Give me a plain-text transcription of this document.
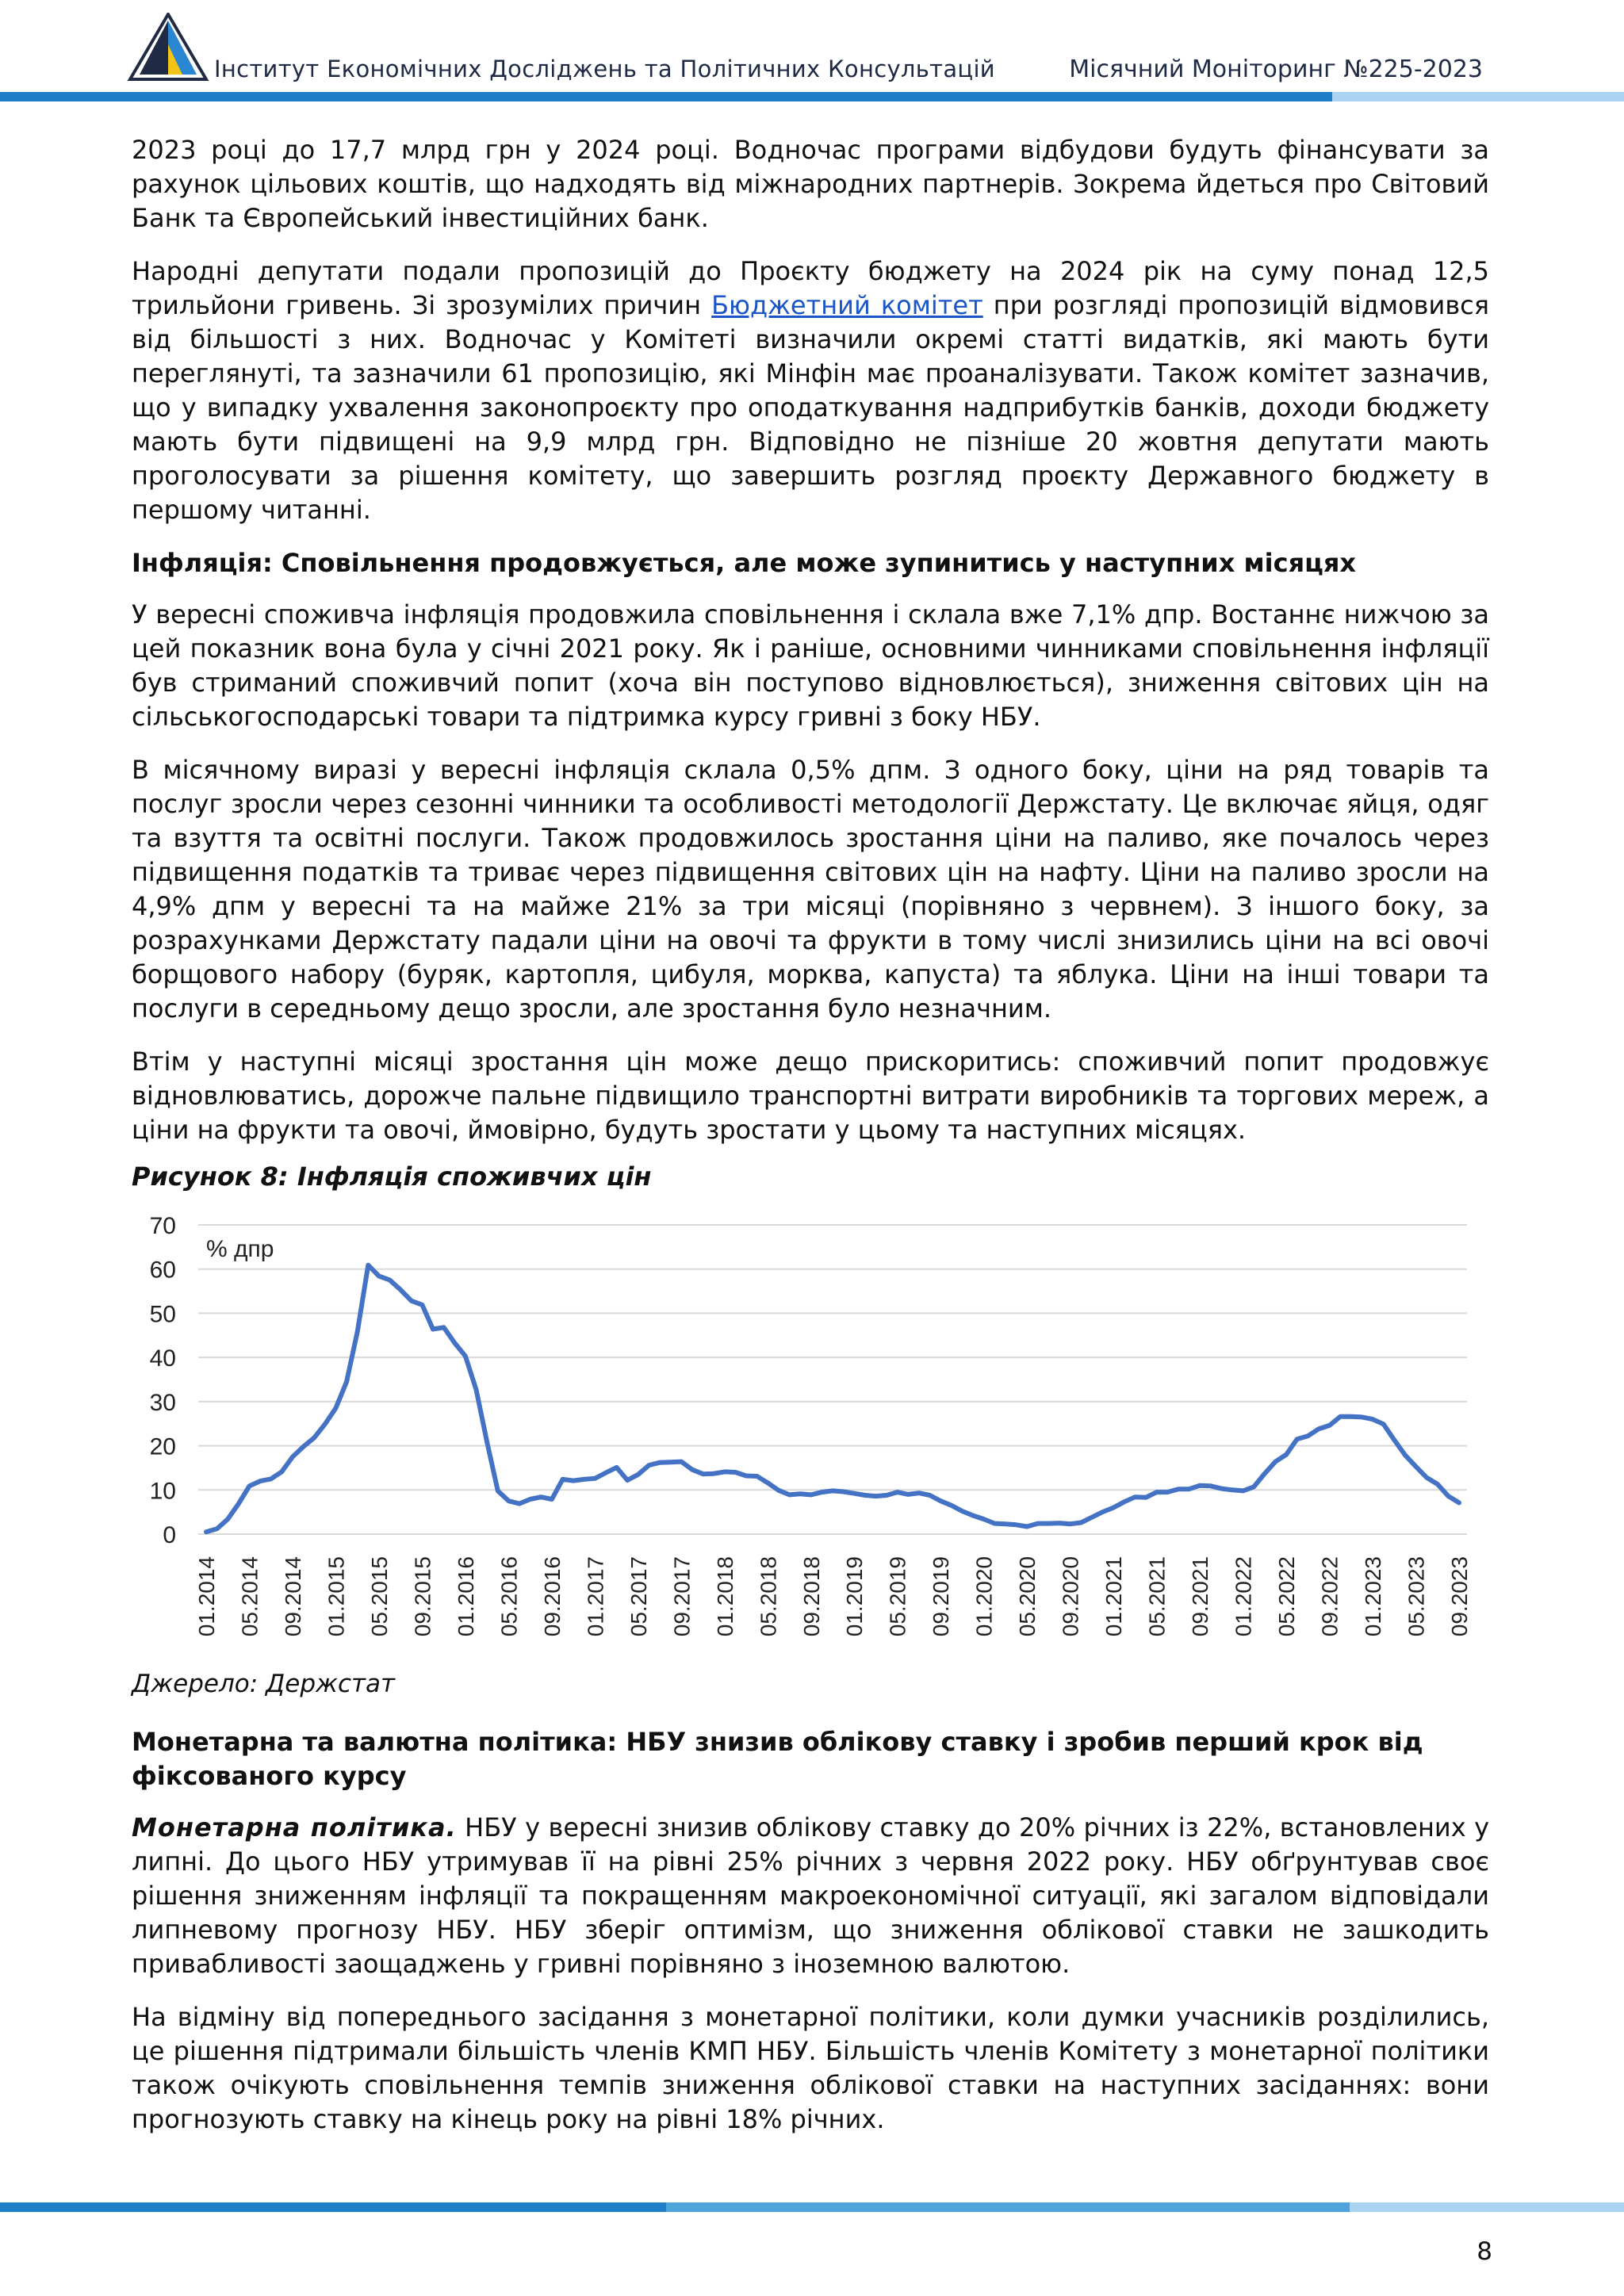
Інститут Економічних Досліджень та Політичних Консультацій	Місячний Моніторинг №225-2023

2023 році до 17,7 млрд грн у 2024 році. Водночас програми відбудови будуть фінансувати за рахунок цільових коштів, що надходять від міжнародних партнерів. Зокрема йдеться про Світовий Банк та Європейський інвестиційних банк.

Народні депутати подали пропозицій до Проєкту бюджету на 2024 рік на суму понад 12,5 трильйони гривень. Зі зрозумілих причин Бюджетний комітет при розгляді пропозицій відмовився від більшості з них. Водночас у Комітеті визначили окремі статті видатків, які мають бути переглянуті, та зазначили 61 пропозицію, які Мінфін має проаналізувати. Також комітет зазначив, що у випадку ухвалення законопроєкту про оподаткування надприбутків банків, доходи бюджету мають бути підвищені на 9,9 млрд грн. Відповідно не пізніше 20 жовтня депутати мають проголосувати за рішення комітету, що завершить розгляд проєкту Державного бюджету в першому читанні.

Інфляція: Сповільнення продовжується, але може зупинитись у наступних місяцях

У вересні споживча інфляція продовжила сповільнення і склала вже 7,1% дпр. Востаннє нижчою за цей показник вона була у січні 2021 року. Як і раніше, основними чинниками сповільнення інфляції був стриманий споживчий попит (хоча він поступово відновлюється), зниження світових цін на сільськогосподарські товари та підтримка курсу гривні з боку НБУ.

В місячному виразі у вересні інфляція склала 0,5% дпм. З одного боку, ціни на ряд товарів та послуг зросли через сезонні чинники та особливості методології Держстату. Це включає яйця, одяг та взуття та освітні послуги. Також продовжилось зростання ціни на паливо, яке почалось через підвищення податків та триває через підвищення світових цін на нафту. Ціни на паливо зросли на 4,9% дпм у вересні та на майже 21% за три місяці (порівняно з червнем). З іншого боку, за розрахунками Держстату падали ціни на овочі та фрукти в тому числі знизились ціни на всі овочі борщового набору (буряк, картопля, цибуля, морква, капуста) та яблука. Ціни на інші товари та послуги в середньому дещо зросли, але зростання було незначним.

Втім у наступні місяці зростання цін може дещо прискоритись: споживчий попит продовжує відновлюватись, дорожче пальне підвищило транспортні витрати виробників та торгових мереж, а ціни на фрукти та овочі, ймовірно, будуть зростати у цьому та наступних місяцях.

Рисунок 8: Інфляція споживчих цін
0
10
20
30
40
50
60
70
% дпр
01.2014 05.2014 09.2014 01.2015 05.2015 09.2015 01.2016 05.2016 09.2016 01.2017 05.2017 09.2017 01.2018 05.2018 09.2018 01.2019 05.2019 09.2019 01.2020 05.2020 09.2020 01.2021 05.2021 09.2021 01.2022 05.2022 09.2022 01.2023 05.2023 09.2023
Джерело: Держстат
Монетарна та валютна політика: НБУ знизив облікову ставку і зробив перший крок від фіксованого курсу

Монетарна політика. НБУ у вересні знизив облікову ставку до 20% річних із 22%, встановлених у липні. До цього НБУ утримував її на рівні 25% річних з червня 2022 року. НБУ обґрунтував своє рішення зниженням інфляції та покращенням макроекономічної ситуації, які загалом відповідали липневому прогнозу НБУ. НБУ зберіг оптимізм, що зниження облікової ставки не зашкодить привабливості заощаджень у гривні порівняно з іноземною валютою.

На відміну від попереднього засідання з монетарної політики, коли думки учасників розділились, це рішення підтримали більшість членів КМП НБУ. Більшість членів Комітету з монетарної політики також очікують сповільнення темпів зниження облікової ставки на наступних засіданнях: вони прогнозують ставку на кінець року на рівні 18% річних.

8
